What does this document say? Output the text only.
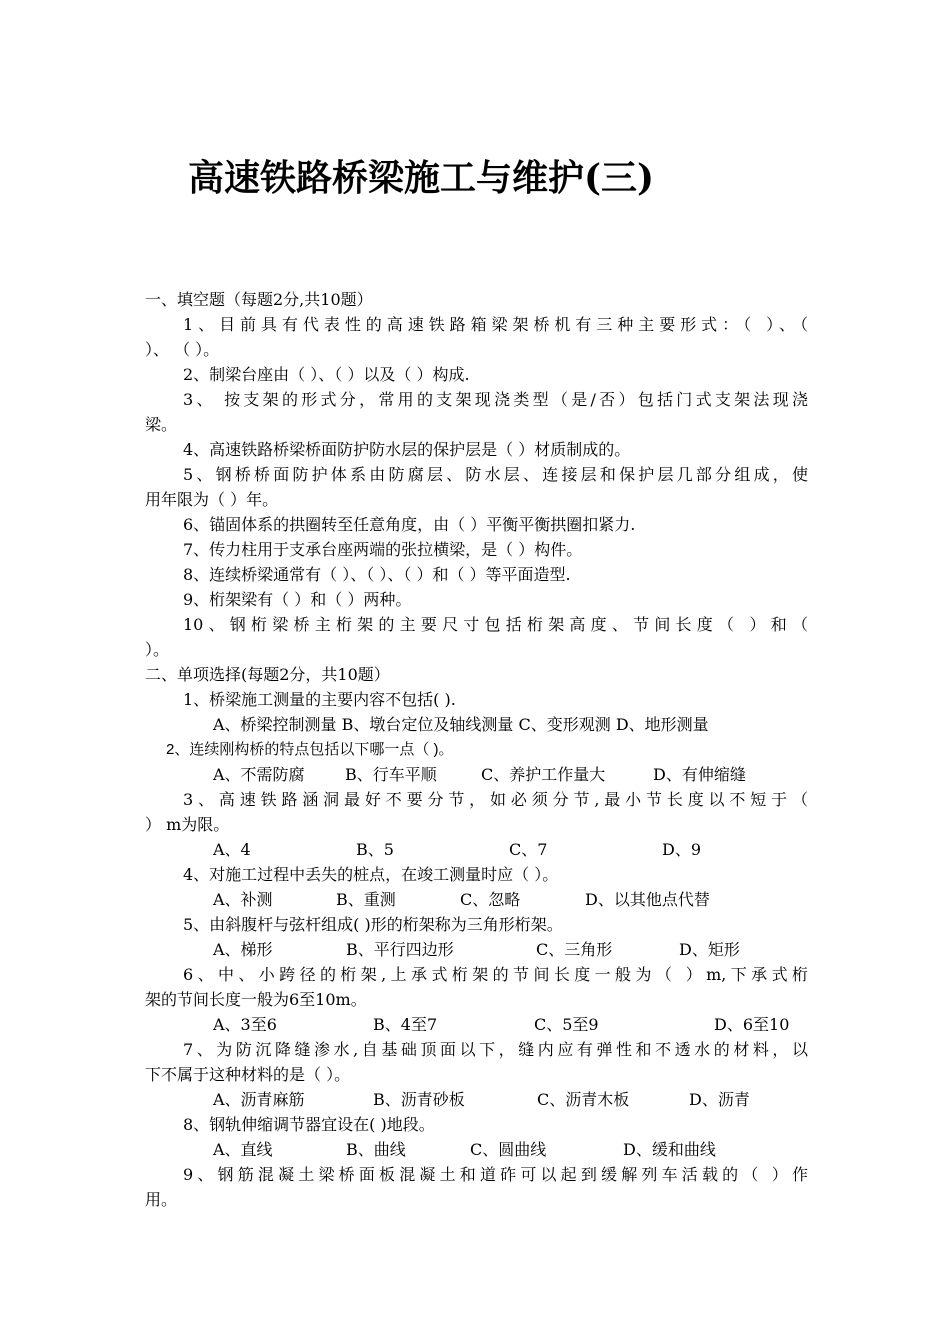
高速铁路桥梁施工与维护(三)
一、填空题（每题2分,共10题）
1、目前具有代表性的高速铁路箱梁架桥机有三种主要形式：（ ）、（
）、 （ ）。
2、制梁台座由（ ）、（ ）以及（ ）构成.
3、 按支架的形式分，常用的支架现浇类型（是/否）包括门式支架法现浇
梁。
4、高速铁路桥梁桥面防护防水层的保护层是（ ）材质制成的。
5、钢桥桥面防护体系由防腐层、防水层、连接层和保护层几部分组成，使
用年限为（ ）年。
6、锚固体系的拱圈转至任意角度，由（ ）平衡平衡拱圈扣紧力.
7、传力柱用于支承台座两端的张拉横梁，是（ ）构件。
8、连续桥梁通常有（ ）、（ ）、（ ）和（ ）等平面造型.
9、桁架梁有（ ）和（ ）两种。
10、钢桁梁桥主桁架的主要尺寸包括桁架高度、节间长度（ ）和（
）。
二、单项选择(每题2分，共10题）
1、桥梁施工测量的主要内容不包括( ).
A、桥梁控制测量 B、墩台定位及轴线测量 C、变形观测 D、地形测量
2、连续刚构桥的特点包括以下哪一点（ )。
A、不需防腐	B、行车平顺	C、养护工作量大	D、有伸缩缝
3、高速铁路涵洞最好不要分节，如必须分节,最小节长度以不短于（
） m为限。
A、4	B、5	C、7	D、9
4、对施工过程中丢失的桩点，在竣工测量时应（ ）。
A、补测	B、重测	C、忽略	D、以其他点代替
5、由斜腹杆与弦杆组成( )形的桁架称为三角形桁架。
A、梯形	B、平行四边形	C、三角形	D、矩形
6、中、小跨径的桁架,上承式桁架的节间长度一般为（ ）m,下承式桁
架的节间长度一般为6至10m。
A、3至6	B、4至7	C、5至9	D、6至10
7、为防沉降缝渗水,自基础顶面以下，缝内应有弹性和不透水的材料，以
下不属于这种材料的是（ ）。
A、沥青麻筋	B、沥青砂板	C、沥青木板	D、沥青
8、钢轨伸缩调节器宜设在( )地段。
A、直线	B、曲线	C、圆曲线	D、缓和曲线
9、钢筋混凝土梁桥面板混凝土和道砟可以起到缓解列车活载的（ ）作
用。
